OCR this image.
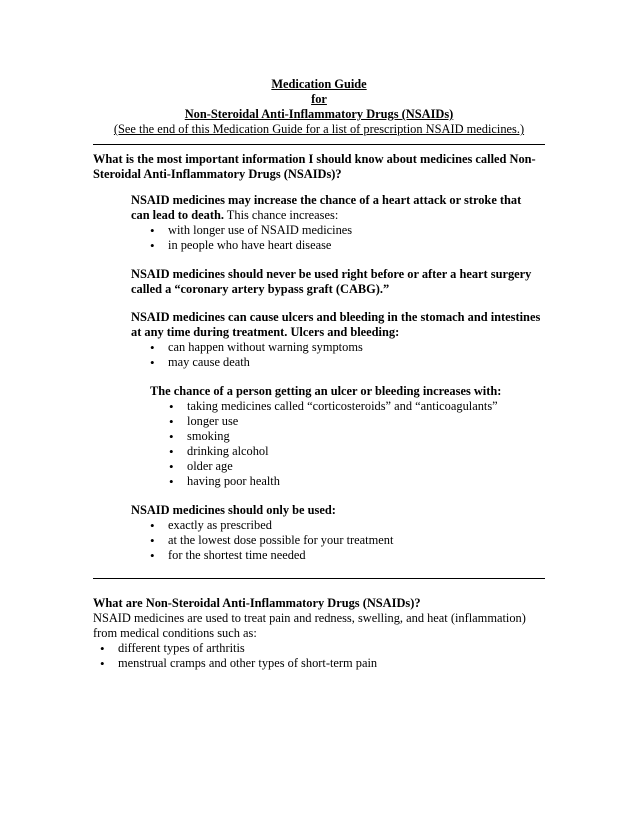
Medication Guide
for
Non-Steroidal Anti-Inflammatory Drugs (NSAIDs)
(See the end of this Medication Guide for a list of prescription NSAID medicines.)
What is the most important information I should know about medicines called Non-Steroidal Anti-Inflammatory Drugs (NSAIDs)?

NSAID medicines may increase the chance of a heart attack or stroke that can lead to death. This chance increases:

• with longer use of NSAID medicines
• in people who have heart disease
NSAID medicines should never be used right before or after a heart surgery called a “coronary artery bypass graft (CABG).”

NSAID medicines can cause ulcers and bleeding in the stomach and intestines at any time during treatment. Ulcers and bleeding:

• can happen without warning symptoms
• may cause death

The chance of a person getting an ulcer or bleeding increases with:

• taking medicines called “corticosteroids” and “anticoagulants”
• longer use
• smoking
• drinking alcohol
• older age
• having poor health

NSAID medicines should only be used:

• exactly as prescribed
• at the lowest dose possible for your treatment
• for the shortest time needed

What are Non-Steroidal Anti-Inflammatory Drugs (NSAIDs)?

NSAID medicines are used to treat pain and redness, swelling, and heat (inflammation) from medical conditions such as:

• different types of arthritis
• menstrual cramps and other types of short-term pain
